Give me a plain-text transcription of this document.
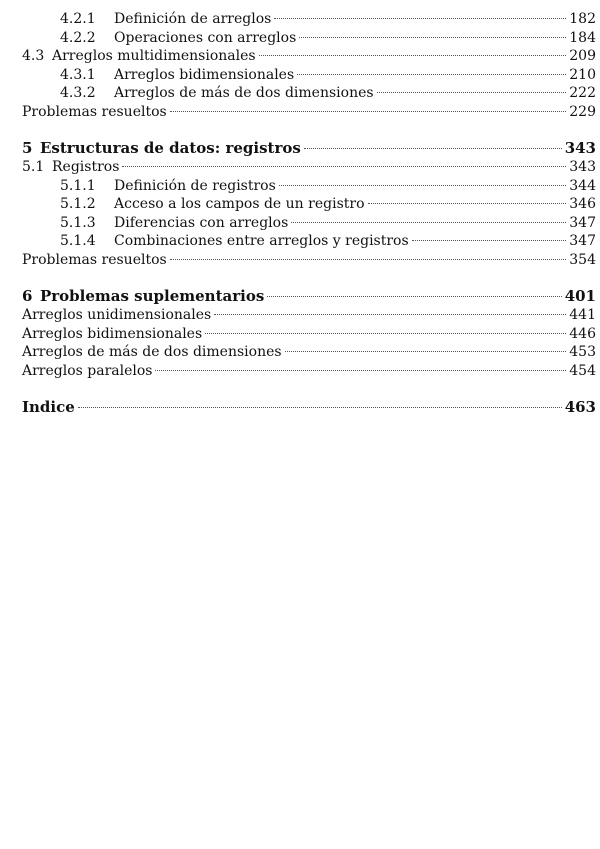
4.2.1	Definición de arreglos	182
4.2.2	Operaciones con arreglos	184
4.3 Arreglos multidimensionales	209
4.3.1	Arreglos bidimensionales	210
4.3.2	Arreglos de más de dos dimensiones	222
Problemas resueltos	229
5 Estructuras de datos: registros	343
5.1 Registros	343
5.1.1	Definición de registros	344
5.1.2	Acceso a los campos de un registro	346
5.1.3	Diferencias con arreglos	347
5.1.4	Combinaciones entre arreglos y registros	347
Problemas resueltos	354
6 Problemas suplementarios	401
Arreglos unidimensionales	441
Arreglos bidimensionales	446
Arreglos de más de dos dimensiones	453
Arreglos paralelos	454
Indice	463
